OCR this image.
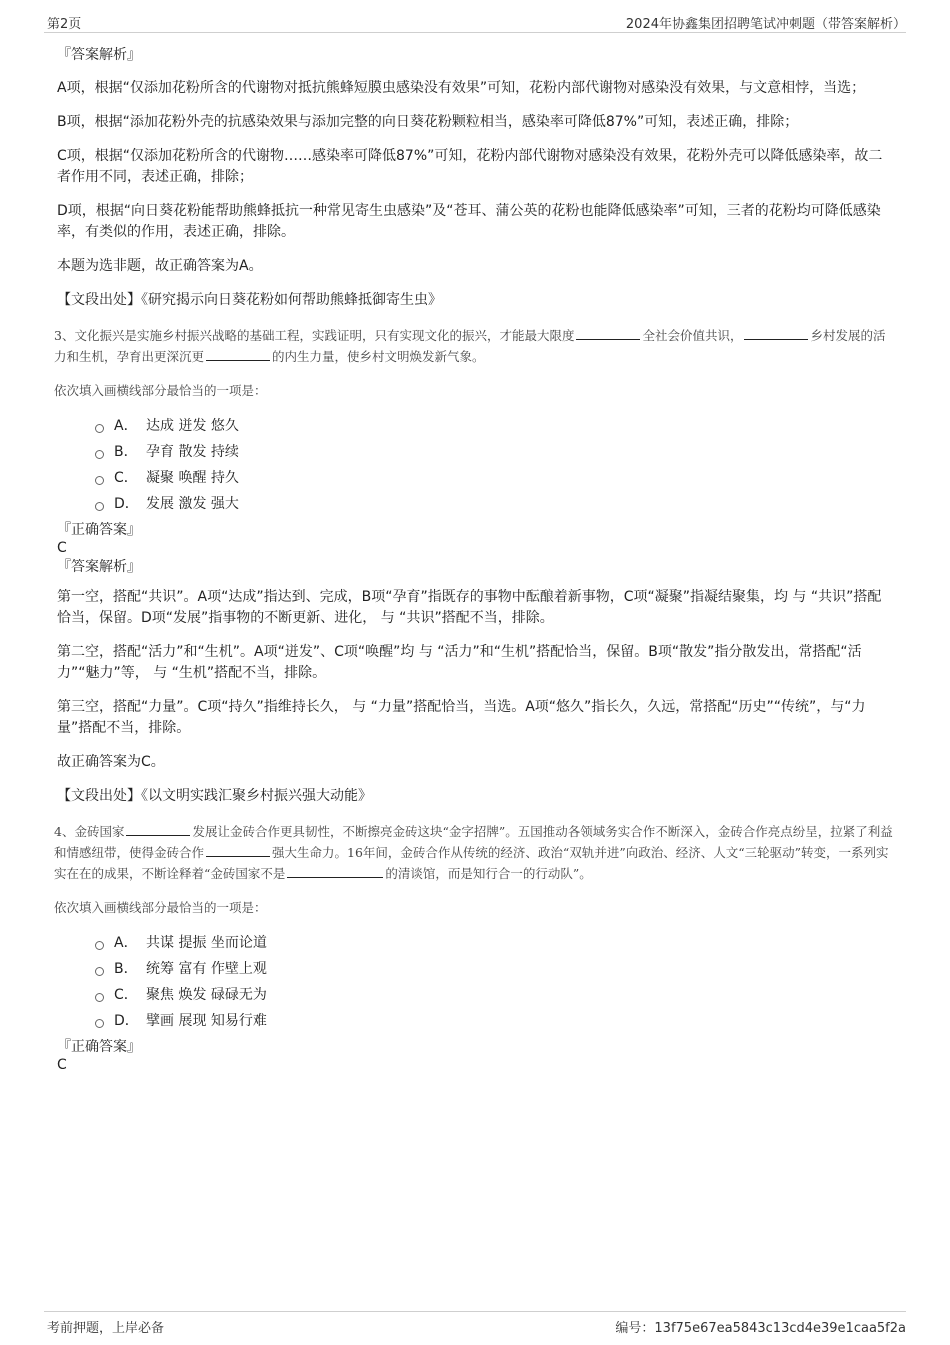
第2页	2024年协鑫集团招聘笔试冲刺题（带答案解析）

『答案解析』

A项，根据“仅添加花粉所含的代谢物对抵抗熊蜂短膜虫感染没有效果”可知，花粉内部代谢物对感染没有效果，与文意相悖，当选；

B项，根据“添加花粉外壳的抗感染效果与添加完整的向日葵花粉颗粒相当，感染率可降低87%”可知，表述正确，排除；

C项，根据“仅添加花粉所含的代谢物……感染率可降低87%”可知，花粉内部代谢物对感染没有效果，花粉外壳可以降低感染率，故二者作用不同，表述正确，排除；

D项，根据“向日葵花粉能帮助熊蜂抵抗一种常见寄生虫感染”及“苍耳、蒲公英的花粉也能降低感染率”可知，三者的花粉均可降低感染率，有类似的作用，表述正确，排除。

本题为选非题，故正确答案为A。

【文段出处】《研究揭示向日葵花粉如何帮助熊蜂抵御寄生虫》

3、文化振兴是实施乡村振兴战略的基础工程，实践证明，只有实现文化的振兴，才能最大限度	全社会价值共识，	乡村发展的活力和生机，孕育出更深沉更	的内生力量，使乡村文明焕发新气象。

依次填入画横线部分最恰当的一项是：

A． 达成 迸发 悠久
B． 孕育 散发 持续
C． 凝聚 唤醒 持久
D． 发展 激发 强大

『正确答案』

C

『答案解析』

第一空，搭配“共识”。A项“达成”指达到、完成，B项“孕育”指既存的事物中酝酿着新事物，C项“凝聚”指凝结聚集，均 与 “共识”搭配恰当，保留。D项“发展”指事物的不断更新、进化， 与 “共识”搭配不当，排除。

第二空，搭配“活力”和“生机”。A项“迸发”、C项“唤醒”均 与 “活力”和“生机”搭配恰当，保留。B项“散发”指分散发出，常搭配“活力”“魅力”等， 与 “生机”搭配不当，排除。

第三空，搭配“力量”。C项“持久”指维持长久， 与 “力量”搭配恰当，当选。A项“悠久”指长久，久远，常搭配“历史”“传统”，与“力量”搭配不当，排除。

故正确答案为C。

【文段出处】《以文明实践汇聚乡村振兴强大动能》

4、金砖国家	发展让金砖合作更具韧性，不断擦亮金砖这块“金字招牌”。五国推动各领域务实合作不断深入，金砖合作亮点纷呈，拉紧了利益和情感纽带，使得金砖合作	强大生命力。16年间，金砖合作从传统的经济、政治“双轨并进”向政治、经济、人文“三轮驱动”转变，一系列实实在在的成果，不断诠释着“金砖国家不是	的清谈馆，而是知行合一的行动队”。

依次填入画横线部分最恰当的一项是：

A． 共谋 提振 坐而论道
B． 统筹 富有 作壁上观
C． 聚焦 焕发 碌碌无为
D． 擘画 展现 知易行难

『正确答案』

C

考前押题，上岸必备	编号：13f75e67ea5843c13cd4e39e1caa5f2a
